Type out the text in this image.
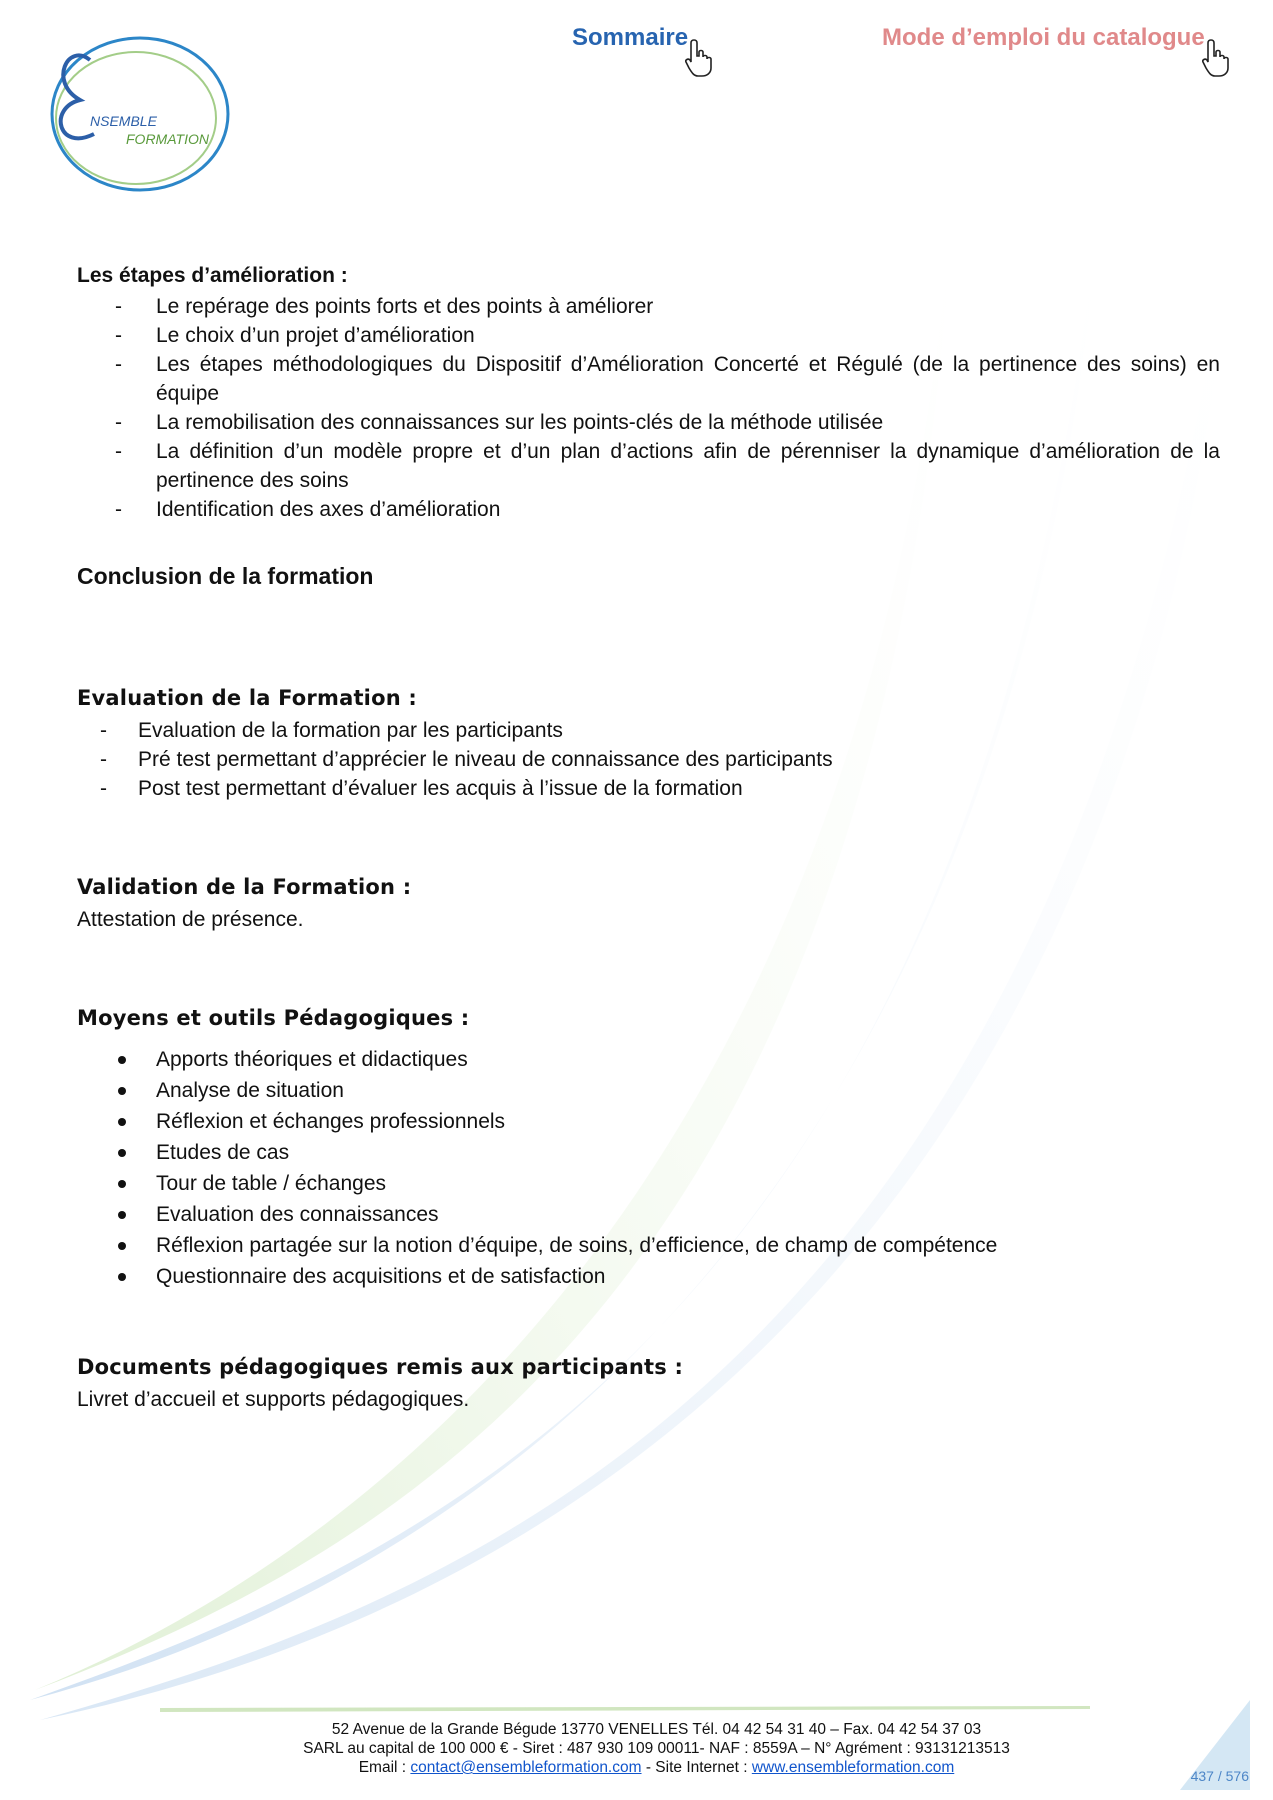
NSEMBLE
FORMATION
Sommaire	Mode d’emploi du catalogue
Les étapes d’amélioration :
- Le repérage des points forts et des points à améliorer
- Le choix d’un projet d’amélioration
- Les étapes méthodologiques du Dispositif d’Amélioration Concerté et Régulé (de la pertinence des soins) en équipe
- La remobilisation des connaissances sur les points-clés de la méthode utilisée
- La définition d’un modèle propre et d’un plan d’actions afin de pérenniser la dynamique d’amélioration de la pertinence des soins
- Identification des axes d’amélioration
Conclusion de la formation
Evaluation de la Formation :
- Evaluation de la formation par les participants
- Pré test permettant d’apprécier le niveau de connaissance des participants
- Post test permettant d’évaluer les acquis à l’issue de la formation
Validation de la Formation :
Attestation de présence.
Moyens et outils Pédagogiques :
Apports théoriques et didactiques
Analyse de situation
Réflexion et échanges professionnels
Etudes de cas
Tour de table / échanges
Evaluation des connaissances
Réflexion partagée sur la notion d’équipe, de soins, d’efficience, de champ de compétence
Questionnaire des acquisitions et de satisfaction
Documents pédagogiques remis aux participants :
Livret d’accueil et supports pédagogiques.
52 Avenue de la Grande Bégude 13770 VENELLES Tél. 04 42 54 31 40 – Fax. 04 42 54 37 03
SARL au capital de 100 000 € - Siret : 487 930 109 00011- NAF : 8559A – N° Agrément : 93131213513
Email : contact@ensembleformation.com - Site Internet : www.ensembleformation.com	437 / 576
